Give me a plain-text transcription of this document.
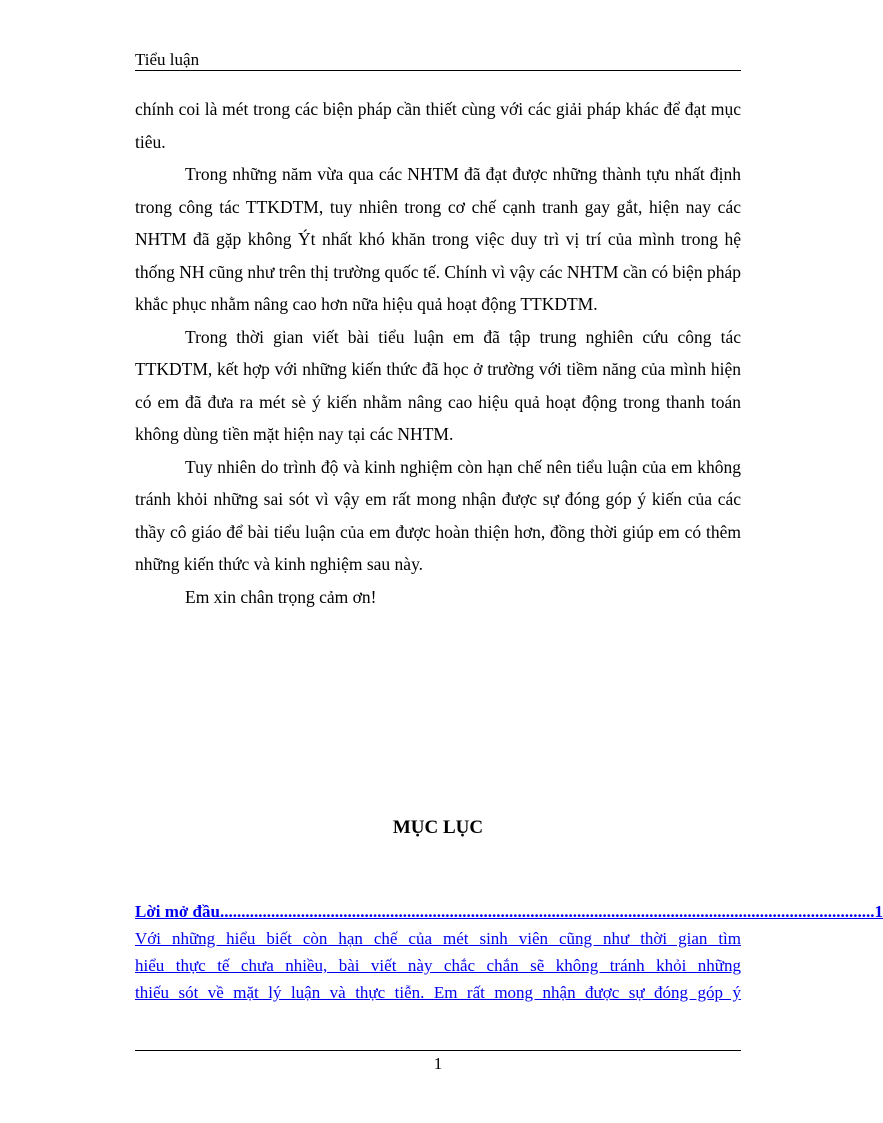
Tiểu luận

chính coi là mét trong các biện pháp cần thiết cùng với các giải pháp khác để đạt mục tiêu.

Trong những năm vừa qua các NHTM đã đạt được những thành tựu nhất định trong công tác TTKDTM, tuy nhiên trong cơ chế cạnh tranh gay gắt, hiện nay các NHTM đã gặp không Ýt nhất khó khăn trong việc duy trì vị trí của mình trong hệ thống NH cũng như trên thị trường quốc tế. Chính vì vậy các NHTM cần có biện pháp khắc phục nhằm nâng cao hơn nữa hiệu quả hoạt động TTKDTM.

Trong thời gian viết bài tiểu luận em đã tập trung nghiên cứu công tác TTKDTM, kết hợp với những kiến thức đã học ở trường với tiềm năng của mình hiện có em đã đưa ra mét sè ý kiến nhằm nâng cao hiệu quả hoạt động trong thanh toán không dùng tiền mặt hiện nay tại các NHTM.

Tuy nhiên do trình độ và kinh nghiệm còn hạn chế nên tiểu luận của em không tránh khỏi những sai sót vì vậy em rất mong nhận được sự đóng góp ý kiến của các thầy cô giáo để bài tiểu luận của em được hoàn thiện hơn, đồng thời giúp em có thêm những kiến thức và kinh nghiệm sau này.

Em xin chân trọng cảm ơn!

MỤC LỤC
Lời mở đầu .......................................................................................................................................................... 1
Với những hiểu biết còn hạn chế của mét sinh viên cũng như thời gian tìm
hiểu thực tế chưa nhiều, bài viết này chắc chắn sẽ không tránh khỏi những
thiếu sót về mặt lý luận và thực tiễn. Em rất mong nhận được sự đóng góp ý
1
